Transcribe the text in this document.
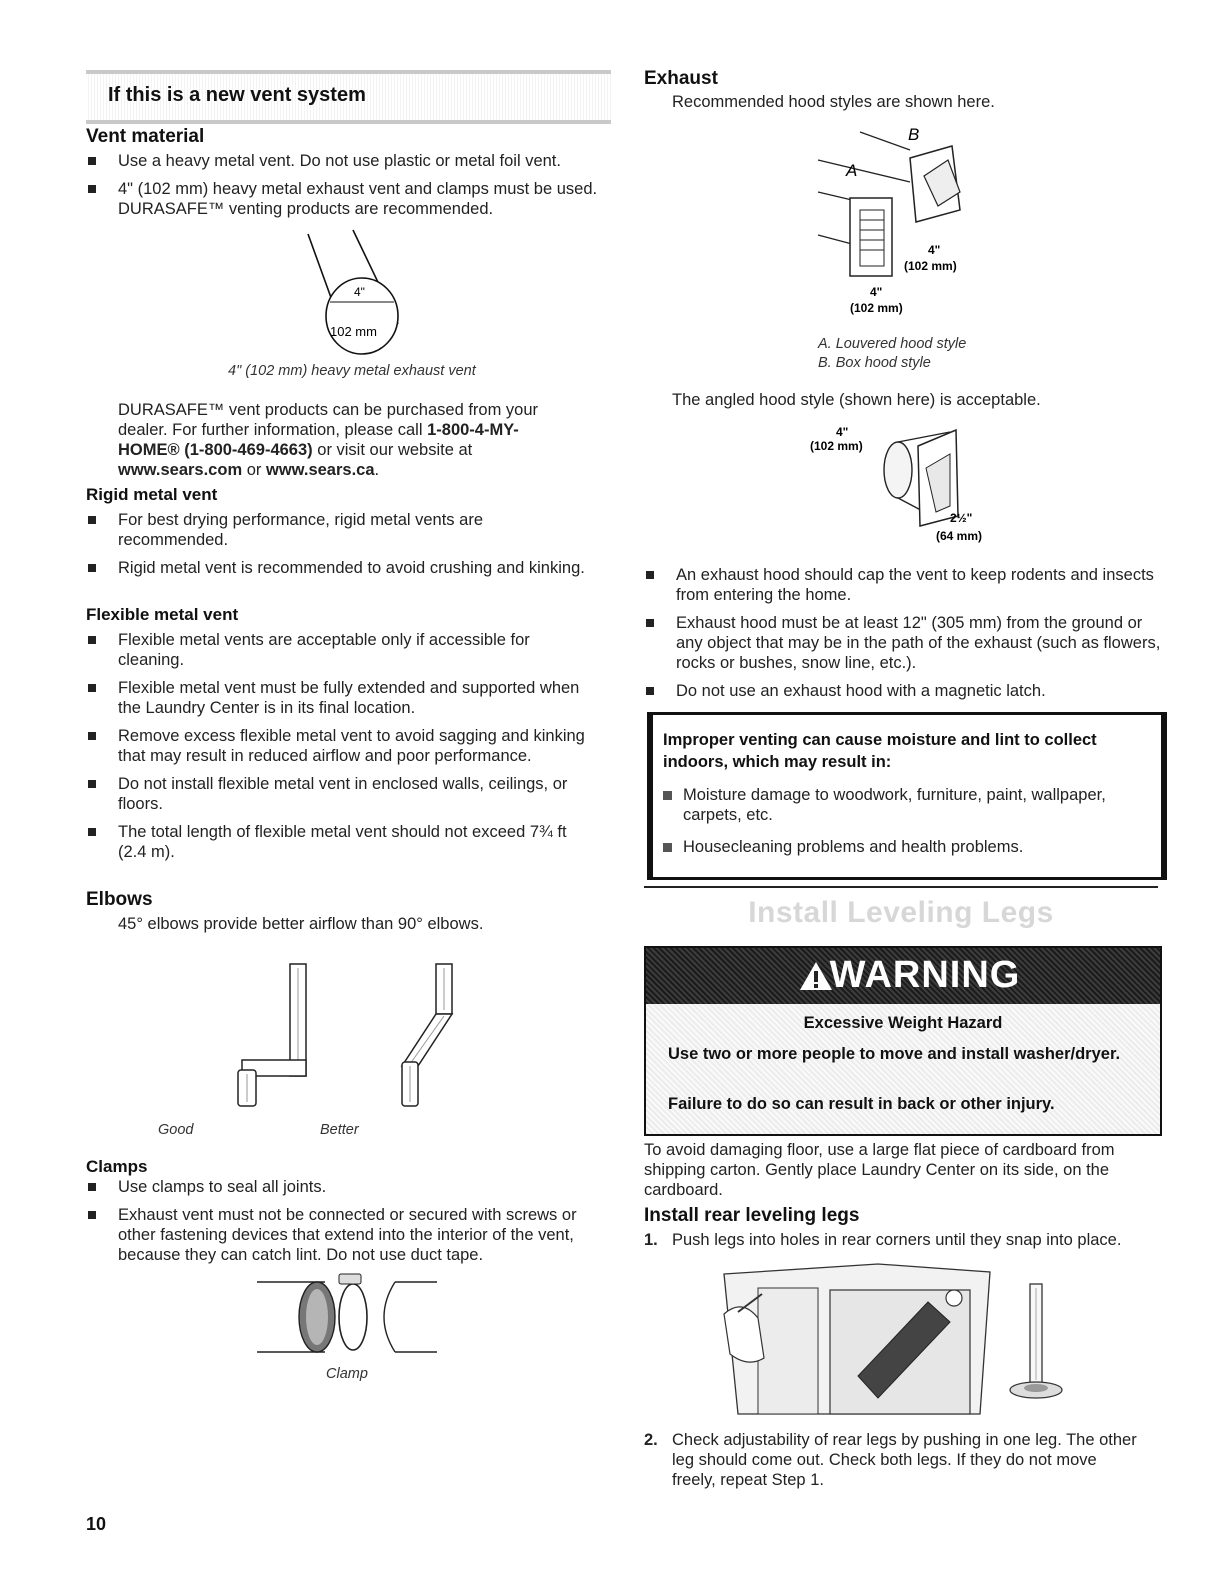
If this is a new vent system
Vent material
Use a heavy metal vent. Do not use plastic or metal foil vent.
4" (102 mm) heavy metal exhaust vent and clamps must be used. DURASAFE™ venting products are recommended.
4"
102 mm
4" (102 mm) heavy metal exhaust vent
DURASAFE™ vent products can be purchased from your dealer. For further information, please call 1-800-4-MY-HOME® (1-800-469-4663) or visit our website at www.sears.com or www.sears.ca.
Rigid metal vent
For best drying performance, rigid metal vents are recommended.
Rigid metal vent is recommended to avoid crushing and kinking.
Flexible metal vent
Flexible metal vents are acceptable only if accessible for cleaning.
Flexible metal vent must be fully extended and supported when the Laundry Center is in its final location.
Remove excess flexible metal vent to avoid sagging and kinking that may result in reduced airflow and poor performance.
Do not install flexible metal vent in enclosed walls, ceilings, or floors.
The total length of flexible metal vent should not exceed 7¾ ft (2.4 m).
Elbows
45° elbows provide better airflow than 90° elbows.
Good	Better
Clamps
Use clamps to seal all joints.
Exhaust vent must not be connected or secured with screws or other fastening devices that extend into the interior of the vent, because they can catch lint. Do not use duct tape.
Clamp
10
Exhaust
Recommended hood styles are shown here.
B
A
4"
(102 mm)
4"
(102 mm)
A. Louvered hood style
B. Box hood style
The angled hood style (shown here) is acceptable.
4"
(102 mm)
2½"
(64 mm)
An exhaust hood should cap the vent to keep rodents and insects from entering the home.
Exhaust hood must be at least 12" (305 mm) from the ground or any object that may be in the path of the exhaust (such as flowers, rocks or bushes, snow line, etc.).
Do not use an exhaust hood with a magnetic latch.
Improper venting can cause moisture and lint to collect indoors, which may result in:
Moisture damage to woodwork, furniture, paint, wallpaper, carpets, etc.
Housecleaning problems and health problems.
Install Leveling Legs
WARNING
Excessive Weight Hazard
Use two or more people to move and install washer/dryer.
Failure to do so can result in back or other injury.
To avoid damaging floor, use a large flat piece of cardboard from shipping carton. Gently place Laundry Center on its side, on the cardboard.
Install rear leveling legs
1. Push legs into holes in rear corners until they snap into place.
2. Check adjustability of rear legs by pushing in one leg. The other leg should come out. Check both legs. If they do not move freely, repeat Step 1.
